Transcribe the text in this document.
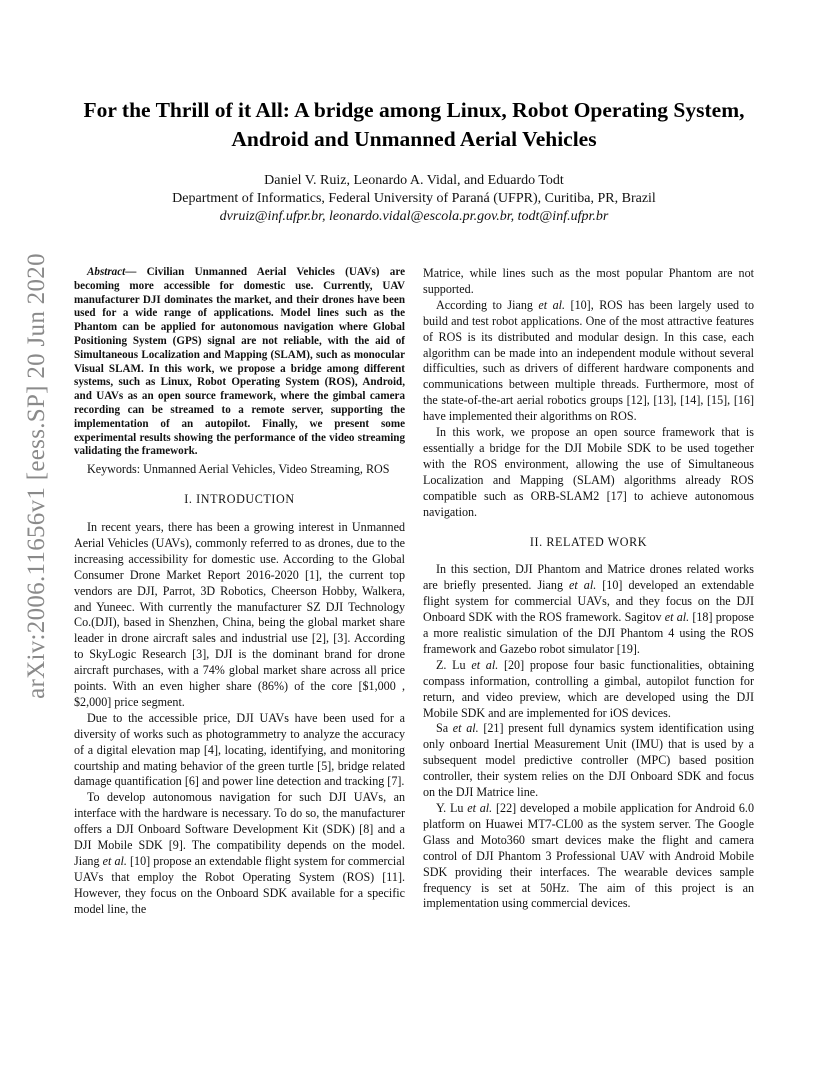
arXiv:2006.11656v1 [eess.SP] 20 Jun 2020
For the Thrill of it All: A bridge among Linux, Robot Operating System, Android and Unmanned Aerial Vehicles
Daniel V. Ruiz, Leonardo A. Vidal, and Eduardo Todt
Department of Informatics, Federal University of Paraná (UFPR), Curitiba, PR, Brazil
dvruiz@inf.ufpr.br, leonardo.vidal@escola.pr.gov.br, todt@inf.ufpr.br

Abstract— Civilian Unmanned Aerial Vehicles (UAVs) are becoming more accessible for domestic use. Currently, UAV manufacturer DJI dominates the market, and their drones have been used for a wide range of applications. Model lines such as the Phantom can be applied for autonomous navigation where Global Positioning System (GPS) signal are not reliable, with the aid of Simultaneous Localization and Mapping (SLAM), such as monocular Visual SLAM. In this work, we propose a bridge among different systems, such as Linux, Robot Operating System (ROS), Android, and UAVs as an open source framework, where the gimbal camera recording can be streamed to a remote server, supporting the implementation of an autopilot. Finally, we present some experimental results showing the performance of the video streaming validating the framework.

Keywords: Unmanned Aerial Vehicles, Video Streaming, ROS

I. INTRODUCTION

In recent years, there has been a growing interest in Unmanned Aerial Vehicles (UAVs), commonly referred to as drones, due to the increasing accessibility for domestic use. According to the Global Consumer Drone Market Report 2016-2020 [1], the current top vendors are DJI, Parrot, 3D Robotics, Cheerson Hobby, Walkera, and Yuneec. With currently the manufacturer SZ DJI Technology Co.(DJI), based in Shenzhen, China, being the global market share leader in drone aircraft sales and industrial use [2], [3]. According to SkyLogic Research [3], DJI is the dominant brand for drone aircraft purchases, with a 74% global market share across all price points. With an even higher share (86%) of the core [$1,000 , $2,000] price segment.

Due to the accessible price, DJI UAVs have been used for a diversity of works such as photogrammetry to analyze the accuracy of a digital elevation map [4], locating, identifying, and monitoring courtship and mating behavior of the green turtle [5], bridge related damage quantification [6] and power line detection and tracking [7].

To develop autonomous navigation for such DJI UAVs, an interface with the hardware is necessary. To do so, the manufacturer offers a DJI Onboard Software Development Kit (SDK) [8] and a DJI Mobile SDK [9]. The compatibility depends on the model. Jiang et al. [10] propose an extendable flight system for commercial UAVs that employ the Robot Operating System (ROS) [11]. However, they focus on the Onboard SDK available for a specific model line, the

Matrice, while lines such as the most popular Phantom are not supported.

According to Jiang et al. [10], ROS has been largely used to build and test robot applications. One of the most attractive features of ROS is its distributed and modular design. In this case, each algorithm can be made into an independent module without several difficulties, such as drivers of different hardware components and communications between multiple threads. Furthermore, most of the state-of-the-art aerial robotics groups [12], [13], [14], [15], [16] have implemented their algorithms on ROS.

In this work, we propose an open source framework that is essentially a bridge for the DJI Mobile SDK to be used together with the ROS environment, allowing the use of Simultaneous Localization and Mapping (SLAM) algorithms already ROS compatible such as ORB-SLAM2 [17] to achieve autonomous navigation.

II. RELATED WORK

In this section, DJI Phantom and Matrice drones related works are briefly presented. Jiang et al. [10] developed an extendable flight system for commercial UAVs, and they focus on the DJI Onboard SDK with the ROS framework. Sagitov et al. [18] propose a more realistic simulation of the DJI Phantom 4 using the ROS framework and Gazebo robot simulator [19].

Z. Lu et al. [20] propose four basic functionalities, obtaining compass information, controlling a gimbal, autopilot function for return, and video preview, which are developed using the DJI Mobile SDK and are implemented for iOS devices.

Sa et al. [21] present full dynamics system identification using only onboard Inertial Measurement Unit (IMU) that is used by a subsequent model predictive controller (MPC) based position controller, their system relies on the DJI Onboard SDK and focus on the DJI Matrice line.

Y. Lu et al. [22] developed a mobile application for Android 6.0 platform on Huawei MT7-CL00 as the system server. The Google Glass and Moto360 smart devices make the flight and camera control of DJI Phantom 3 Professional UAV with Android Mobile SDK providing their interfaces. The wearable devices sample frequency is set at 50Hz. The aim of this project is an implementation using commercial devices.
